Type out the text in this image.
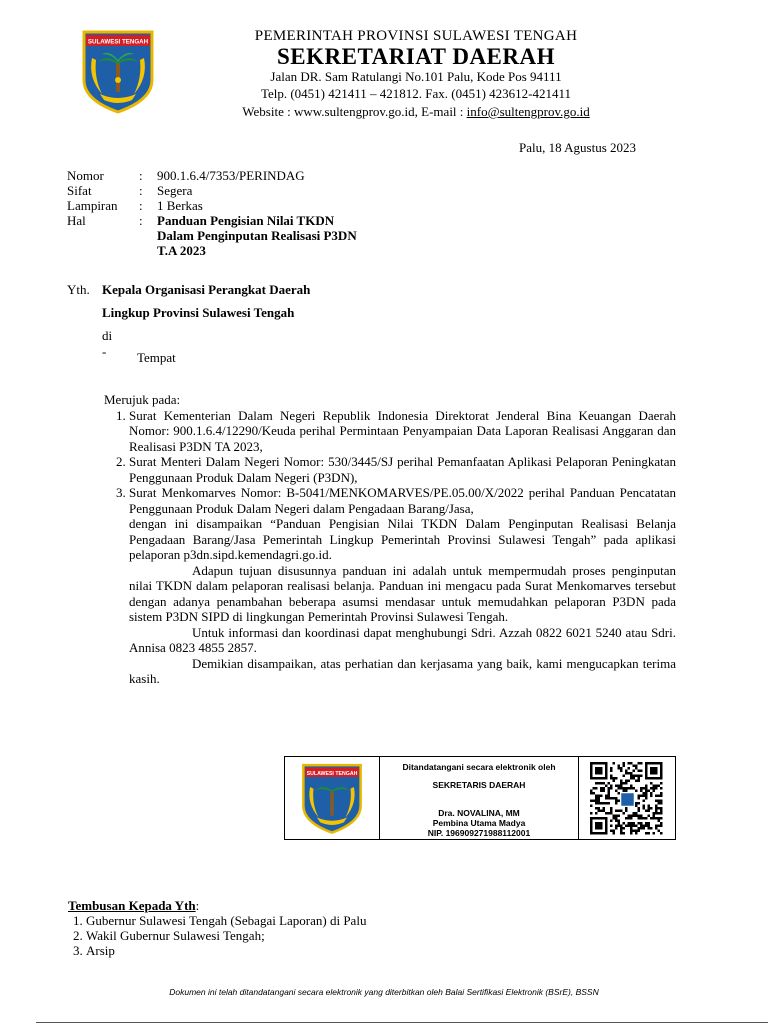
SULAWESI TENGAH	PEMERINTAH PROVINSI SULAWESI TENGAH
SEKRETARIAT DAERAH
Jalan DR. Sam Ratulangi No.101 Palu, Kode Pos 94111
Telp. (0451) 421411 – 421812. Fax. (0451) 423612-421411
Website : www.sultengprov.go.id, E-mail : info@sultengprov.go.id
Palu, 18 Agustus 2023
Nomor	:	900.1.6.4/7353/PERINDAG
Sifat	:	Segera
Lampiran	:	1 Berkas
Hal	:	Panduan Pengisian Nilai TKDN
Dalam Penginputan Realisasi P3DN
T.A 2023
Yth. Kepala Organisasi Perangkat Daerah
Lingkup Provinsi Sulawesi Tengah
di -	Tempat

Merujuk pada:

1. Surat Kementerian Dalam Negeri Republik Indonesia Direktorat Jenderal Bina Keuangan Daerah Nomor: 900.1.6.4/12290/Keuda perihal Permintaan Penyampaian Data Laporan Realisasi Anggaran dan Realisasi P3DN TA 2023,
2. Surat Menteri Dalam Negeri Nomor: 530/3445/SJ perihal Pemanfaatan Aplikasi Pelaporan Peningkatan Penggunaan Produk Dalam Negeri (P3DN),
3. Surat Menkomarves Nomor: B-5041/MENKOMARVES/PE.05.00/X/2022 perihal Panduan Pencatatan Penggunaan Produk Dalam Negeri dalam Pengadaan Barang/Jasa,

dengan ini disampaikan “Panduan Pengisian Nilai TKDN Dalam Penginputan Realisasi Belanja Pengadaan Barang/Jasa Pemerintah Lingkup Pemerintah Provinsi Sulawesi Tengah” pada aplikasi pelaporan p3dn.sipd.kemendagri.go.id.

Adapun tujuan disusunnya panduan ini adalah untuk mempermudah proses penginputan nilai TKDN dalam pelaporan realisasi belanja. Panduan ini mengacu pada Surat Menkomarves tersebut dengan adanya penambahan beberapa asumsi mendasar untuk memudahkan pelaporan P3DN pada sistem P3DN SIPD di lingkungan Pemerintah Provinsi Sulawesi Tengah.

Untuk informasi dan koordinasi dapat menghubungi Sdri. Azzah 0822 6021 5240 atau Sdri. Annisa 0823 4855 2857.

Demikian disampaikan, atas perhatian dan kerjasama yang baik, kami mengucapkan terima kasih.

SULAWESI TENGAH
Ditandatangani secara elektronik oleh
SEKRETARIS DAERAH
Dra. NOVALINA, MM
Pembina Utama Madya
NIP. 196909271988112001
Tembusan Kepada Yth:
1. Gubernur Sulawesi Tengah (Sebagai Laporan) di Palu
2. Wakil Gubernur Sulawesi Tengah;
3. Arsip
Dokumen ini telah ditandatangani secara elektronik yang diterbitkan oleh Balai Sertifikasi Elektronik (BSrE), BSSN
